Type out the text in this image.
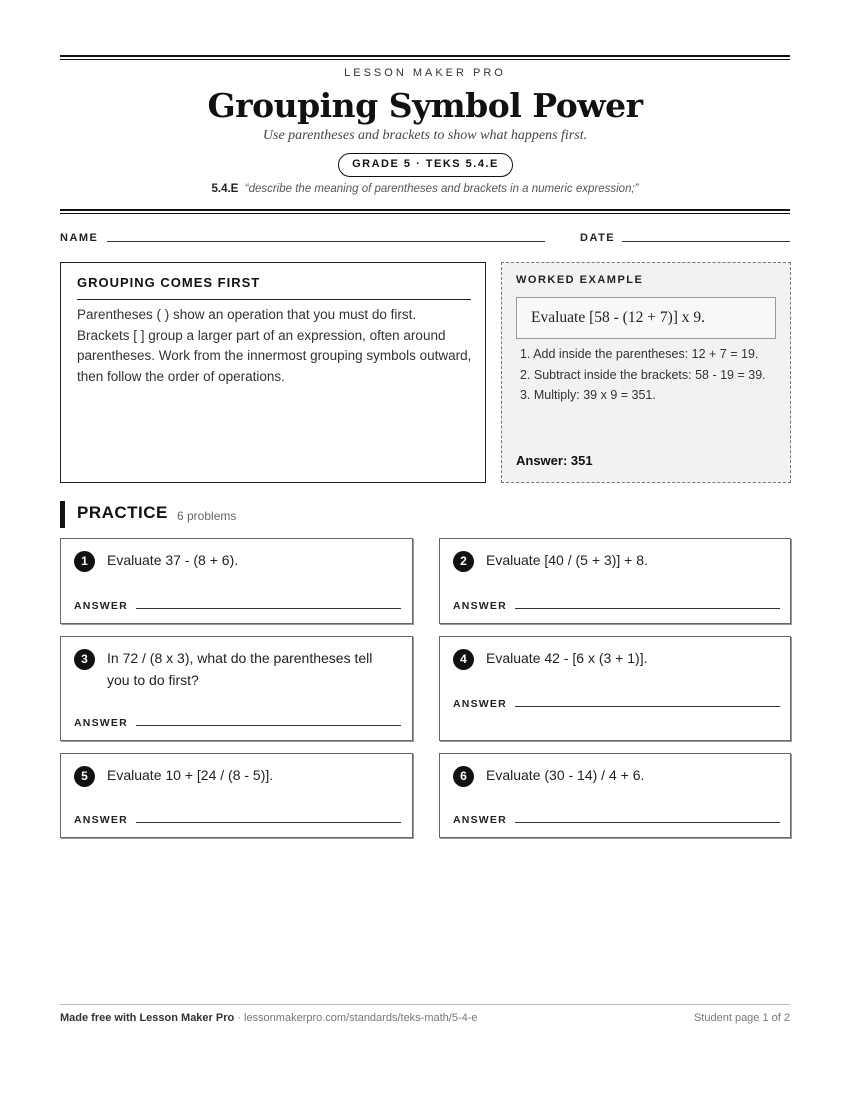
LESSON MAKER PRO
Grouping Symbol Power
Use parentheses and brackets to show what happens first.
GRADE 5 · TEKS 5.4.E
5.4.E “describe the meaning of parentheses and brackets in a numeric expression;”
NAME	DATE
GROUPING COMES FIRST
Parentheses ( ) show an operation that you must do first. Brackets [ ] group a larger part of an expression, often around parentheses. Work from the innermost grouping symbols outward, then follow the order of operations.
WORKED EXAMPLE
Evaluate [58 - (12 + 7)] x 9.
1. Add inside the parentheses: 12 + 7 = 19.
2. Subtract inside the brackets: 58 - 19 = 39.
3. Multiply: 39 x 9 = 351.
Answer: 351
PRACTICE 6 problems
1	Evaluate 37 - (8 + 6).
ANSWER
2	Evaluate [40 / (5 + 3)] + 8.
ANSWER
3	In 72 / (8 x 3), what do the parentheses tell you to do first?
ANSWER
4	Evaluate 42 - [6 x (3 + 1)].
ANSWER
5	Evaluate 10 + [24 / (8 - 5)].
ANSWER
6	Evaluate (30 - 14) / 4 + 6.
ANSWER
Made free with Lesson Maker Pro · lessonmakerpro.com/standards/teks-math/5-4-e	Student page 1 of 2
